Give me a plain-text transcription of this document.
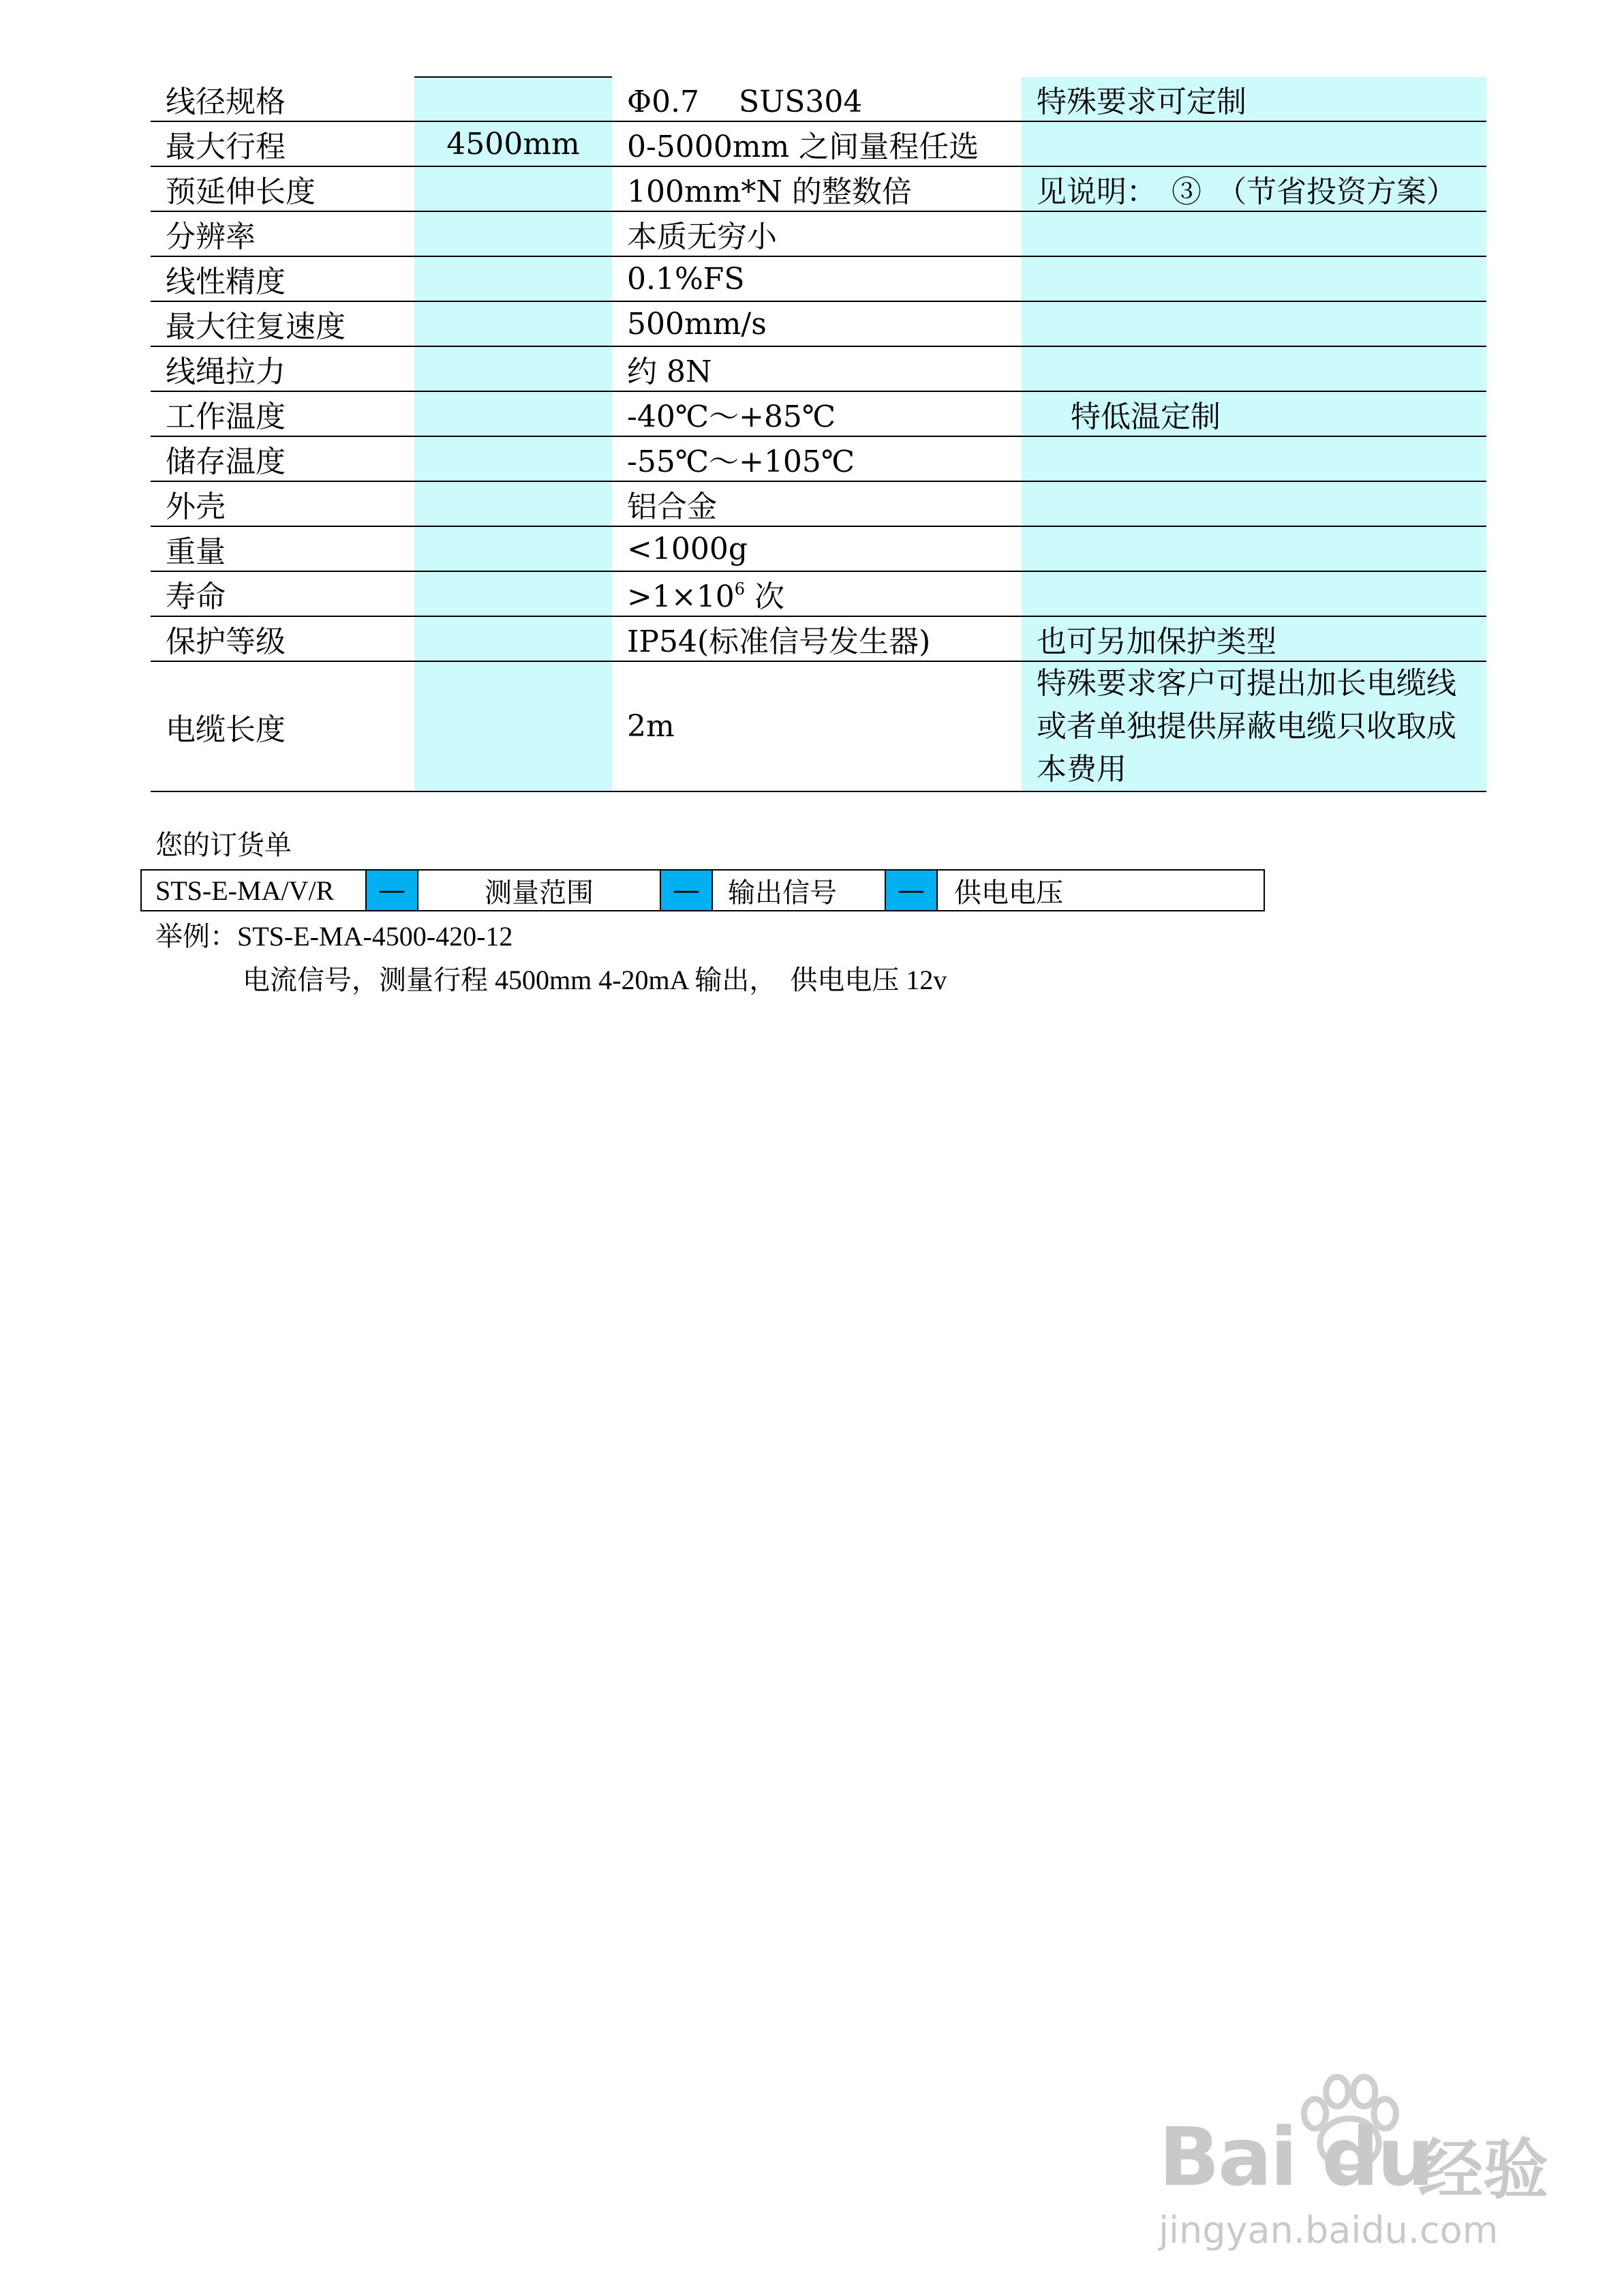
线径规格		Φ0.7　 SUS304	特殊要求可定制
最大行程	4500mm	0-5000mm 之间量程任选	
预延伸长度		100mm*N 的整数倍	见说明：　③　（节省投资方案）
分辨率		本质无穷小	
线性精度		0.1%FS	
最大往复速度		500mm/s	
线绳拉力		约 8N	
工作温度		-40℃～+85℃	特低温定制
储存温度		-55℃～+105℃	
外壳		铝合金	
重量		<1000g	
寿命		$>1\times 10^6$ 次	
保护等级		IP54(标准信号发生器)	也可另加保护类型
电缆长度		2m	特殊要求客户可提出加长电缆线或者单独提供屏蔽电缆只收取成本费用
您的订货单
STS-E-MA/V/R	—	测量范围	—	输出信号	—	供电电压
举例：STS-E-MA-4500-420-12
电流信号，测量行程 4500mm 4-20mA 输出，　供电电压 12v
Bai du
经验
jingyan.baidu.com
